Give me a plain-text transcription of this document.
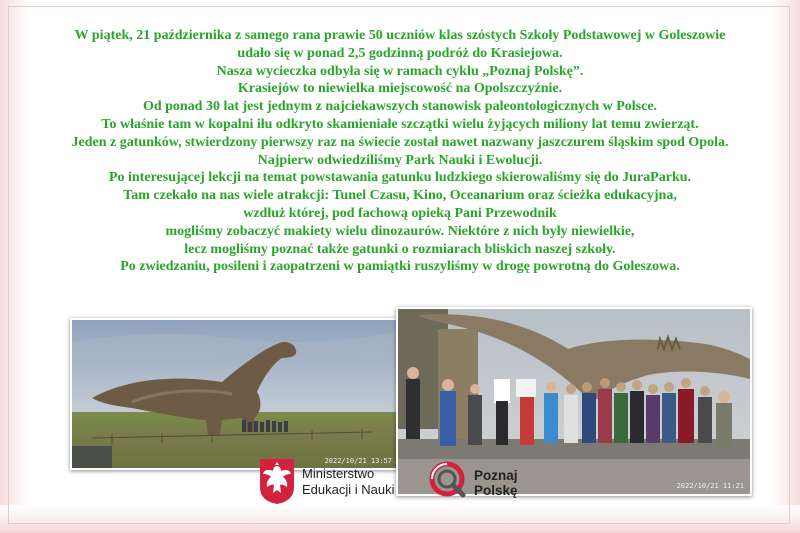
W piątek, 21 października z samego rana prawie 50 uczniów klas szóstych Szkoły Podstawowej w Goleszowie
udało się w ponad 2,5 godzinną podróż do Krasiejowa.
Nasza wycieczka odbyła się w ramach cyklu „Poznaj Polskę”.
Krasiejów to niewielka miejscowość na Opolszczyźnie.
Od ponad 30 lat jest jednym z najciekawszych stanowisk paleontologicznych w Polsce.
To właśnie tam w kopalni iłu odkryto skamieniałe szczątki wielu żyjących miliony lat temu zwierząt.
Jeden z gatunków, stwierdzony pierwszy raz na świecie został nawet nazwany jaszczurem śląskim spod Opola.
Najpierw odwiedziliśmy Park Nauki i Ewolucji.
Po interesującej lekcji na temat powstawania gatunku ludzkiego skierowaliśmy się do JuraParku.
Tam czekało na nas wiele atrakcji: Tunel Czasu, Kino, Oceanarium oraz ścieżka edukacyjna,
wzdłuż której, pod fachową opieką Pani Przewodnik
mogliśmy zobaczyć makiety wielu dinozaurów. Niektóre z nich były niewielkie,
lecz mogliśmy poznać także gatunki o rozmiarach bliskich naszej szkoły.
Po zwiedzaniu, posileni i zaopatrzeni w pamiątki ruszyliśmy w drogę powrotną do Goleszowa.
2022/10/21 13:57
2022/10/21 11:21
Ministerstwo
Edukacji i Nauki
Poznaj
Polskę
